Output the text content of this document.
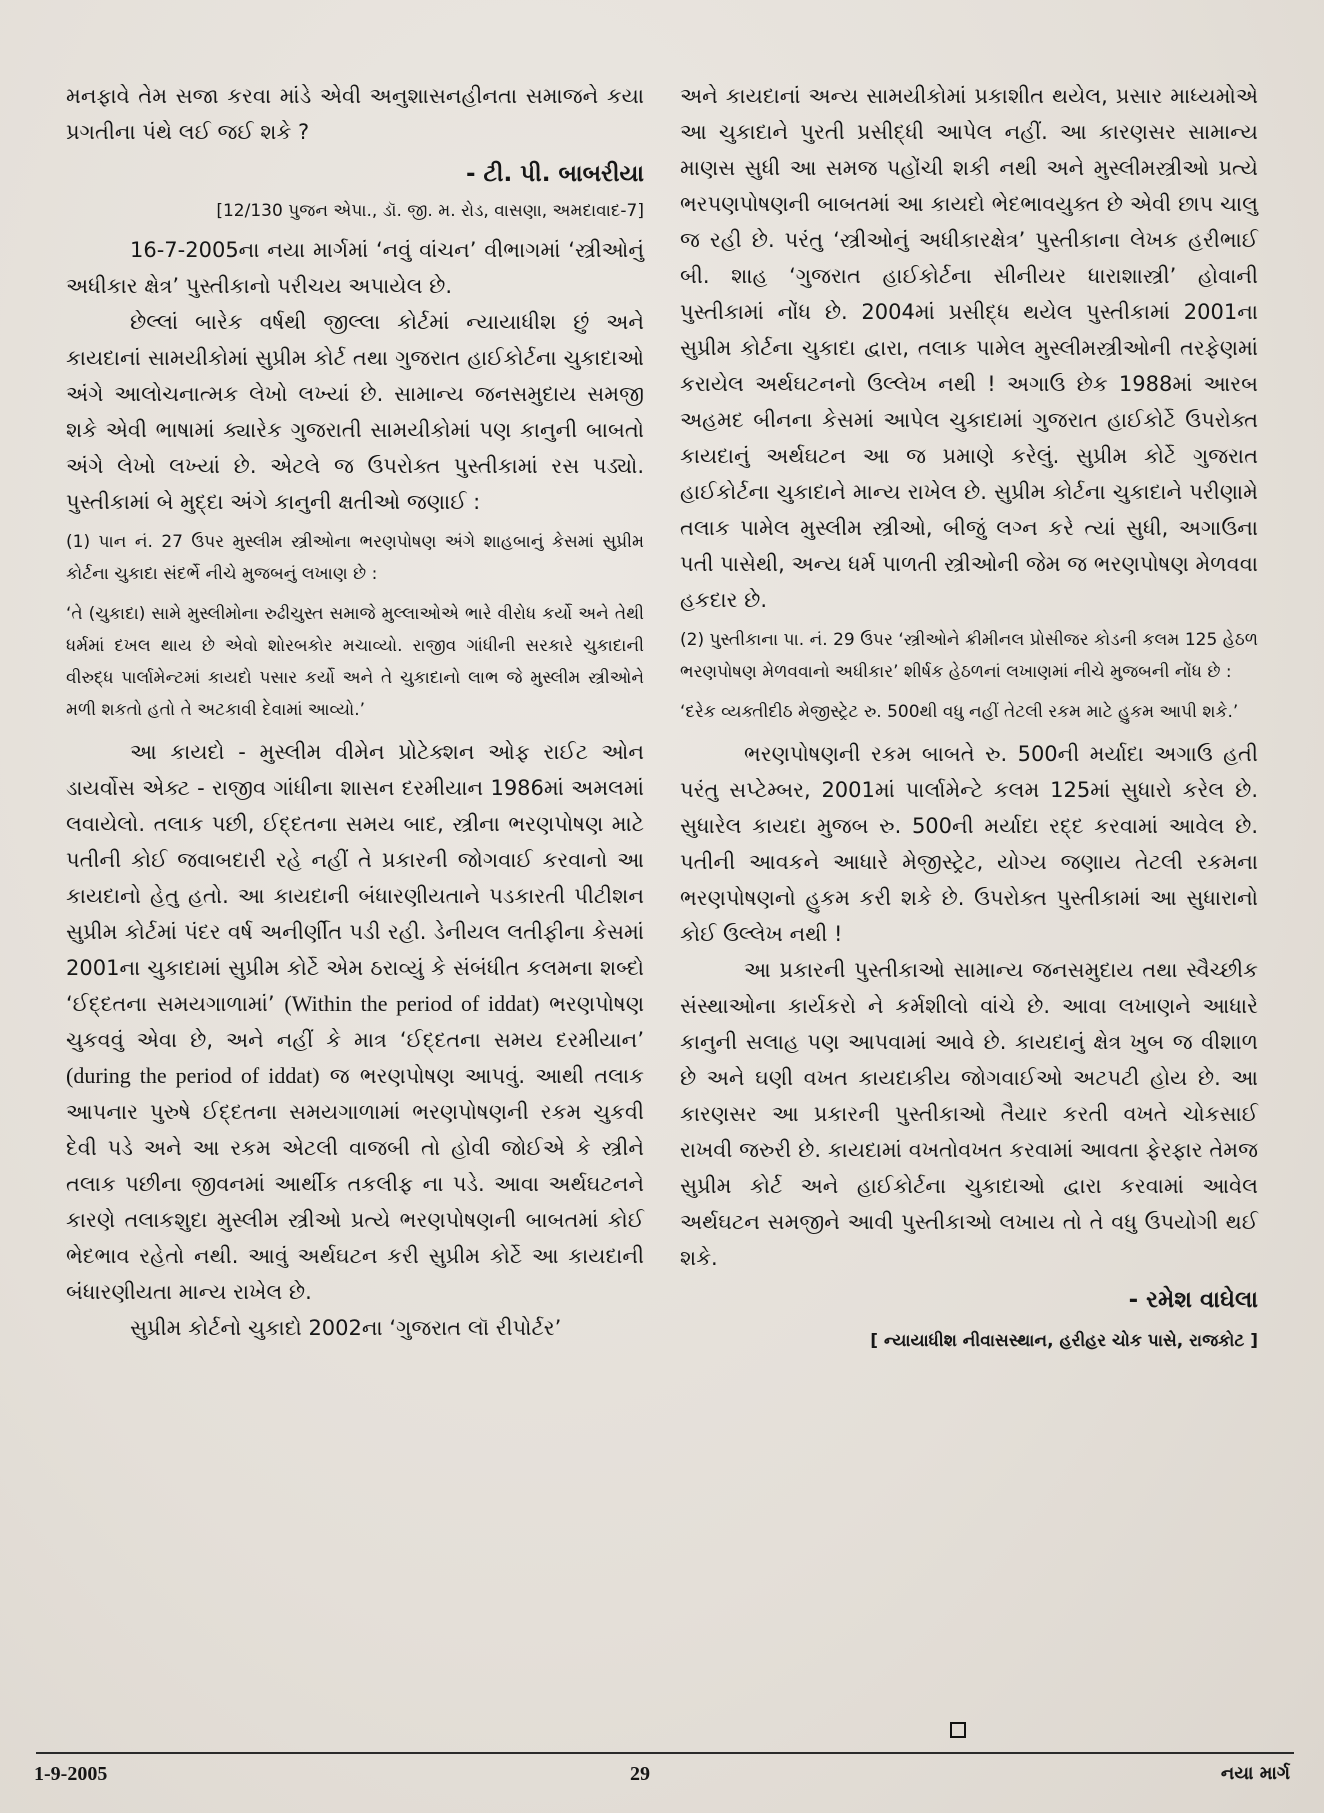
મનફાવે તેમ સજા કરવા માંડે એવી અનુશાસનહીનતા સમાજને કયા પ્રગતીના પંથે લઈ જઈ શકે ?

- ટી. પી. બાબરીયા

[12/130 પુજન એપા., ડૉ. જી. મ. રોડ, વાસણા, અમદાવાદ-7]

16-7-2005ના નયા માર્ગમાં ‘નવું વાંચન’ વીભાગમાં ‘સ્ત્રીઓનું અધીકાર ક્ષેત્ર’ પુસ્તીકાનો પરીચય અપાયેલ છે.

છેલ્લાં બારેક વર્ષથી જીલ્લા કોર્ટમાં ન્યાયાધીશ છું અને કાયદાનાં સામયીકોમાં સુપ્રીમ કોર્ટ તથા ગુજરાત હાઈકોર્ટના ચુકાદાઓ અંગે આલોચનાત્મક લેખો લખ્યાં છે. સામાન્ય જનસમુદાય સમજી શકે એવી ભાષામાં ક્યારેક ગુજરાતી સામયીકોમાં પણ કાનુની બાબતો અંગે લેખો લખ્યાં છે. એટલે જ ઉપરોક્ત પુસ્તીકામાં રસ પડ્યો. પુસ્તીકામાં બે મુદ્દા અંગે કાનુની ક્ષતીઓ જણાઈ :

(1) પાન નં. 27 ઉપર મુસ્લીમ સ્ત્રીઓના ભરણપોષણ અંગે શાહબાનું કેસમાં સુપ્રીમ કોર્ટના ચુકાદા સંદર્ભે નીચે મુજબનું લખાણ છે :

‘તે (ચુકાદા) સામે મુસ્લીમોના રુઢીચુસ્ત સમાજે મુલ્લાઓએ ભારે વીરોધ કર્યો અને તેથી ધર્મમાં દખલ થાય છે એવો શોરબકોર મચાવ્યો. રાજીવ ગાંધીની સરકારે ચુકાદાની વીરુદ્ધ પાર્લામેન્ટમાં કાયદો પસાર કર્યો અને તે ચુકાદાનો લાભ જે મુસ્લીમ સ્ત્રીઓને મળી શકતો હતો તે અટકાવી દેવામાં આવ્યો.’

આ કાયદો - મુસ્લીમ વીમેન પ્રોટેક્શન ઓફ રાઈટ ઓન ડાયર્વોસ એક્ટ - રાજીવ ગાંધીના શાસન દરમીયાન 1986માં અમલમાં લવાયેલો. તલાક પછી, ઈદ્દતના સમય બાદ, સ્ત્રીના ભરણપોષણ માટે પતીની કોઈ જવાબદારી રહે નહીં તે પ્રકારની જોગવાઈ કરવાનો આ કાયદાનો હેતુ હતો. આ કાયદાની બંધારણીયતાને પડકારતી પીટીશન સુપ્રીમ કોર્ટમાં પંદર વર્ષ અનીર્ણીત પડી રહી. ડેનીયલ લતીફીના કેસમાં 2001ના ચુકાદામાં સુપ્રીમ કોર્ટે એમ ઠરાવ્યું કે સંબંધીત કલમના શબ્દો ‘ઈદ્દતના સમયગાળામાં’ (Within the period of iddat) ભરણપોષણ ચુકવવું એવા છે, અને નહીં કે માત્ર ‘ઈદ્દતના સમય દરમીયાન’ (during the period of iddat) જ ભરણપોષણ આપવું. આથી તલાક આપનાર પુરુષે ઈદ્દતના સમયગાળામાં ભરણપોષણની રકમ ચુકવી દેવી પડે અને આ રકમ એટલી વાજબી તો હોવી જોઈએ કે સ્ત્રીને તલાક પછીના જીવનમાં આર્થીક તકલીફ ના પડે. આવા અર્થઘટનને કારણે તલાકશુદા મુસ્લીમ સ્ત્રીઓ પ્રત્યે ભરણપોષણની બાબતમાં કોઈ ભેદભાવ રહેતો નથી. આવું અર્થઘટન કરી સુપ્રીમ કોર્ટે આ કાયદાની બંધારણીયતા માન્ય રાખેલ છે.

સુપ્રીમ કોર્ટનો ચુકાદો 2002ના ‘ગુજરાત લૉ રીપોર્ટર’

અને કાયદાનાં અન્ય સામયીકોમાં પ્રકાશીત થયેલ, પ્રસાર માધ્યમોએ આ ચુકાદાને પુરતી પ્રસીદ્ધી આપેલ નહીં. આ કારણસર સામાન્ય માણસ સુધી આ સમજ પહોંચી શકી નથી અને મુસ્લીમસ્ત્રીઓ પ્રત્યે ભરપણપોષણની બાબતમાં આ કાયદો ભેદભાવયુક્ત છે એવી છાપ ચાલુ જ રહી છે. પરંતુ ‘સ્ત્રીઓનું અધીકારક્ષેત્ર’ પુસ્તીકાના લેખક હરીભાઈ બી. શાહ ‘ગુજરાત હાઈકોર્ટના સીનીયર ધારાશાસ્ત્રી’ હોવાની પુસ્તીકામાં નોંધ છે. 2004માં પ્રસીદ્ધ થયેલ પુસ્તીકામાં 2001ના સુપ્રીમ કોર્ટના ચુકાદા દ્વારા, તલાક પામેલ મુસ્લીમસ્ત્રીઓની તરફેણમાં કરાયેલ અર્થઘટનનો ઉલ્લેખ નથી ! અગાઉ છેક 1988માં આરબ અહમદ બીનના કેસમાં આપેલ ચુકાદામાં ગુજરાત હાઈકોર્ટે ઉપરોક્ત કાયદાનું અર્થઘટન આ જ પ્રમાણે કરેલું. સુપ્રીમ કોર્ટે ગુજરાત હાઈકોર્ટના ચુકાદાને માન્ય રાખેલ છે. સુપ્રીમ કોર્ટના ચુકાદાને પરીણામે તલાક પામેલ મુસ્લીમ સ્ત્રીઓ, બીજું લગ્ન કરે ત્યાં સુધી, અગાઉના પતી પાસેથી, અન્ય ધર્મ પાળતી સ્ત્રીઓની જેમ જ ભરણપોષણ મેળવવા હકદાર છે.

(2) પુસ્તીકાના પા. નં. 29 ઉપર ‘સ્ત્રીઓને ક્રીમીનલ પ્રોસીજર કોડની કલમ 125 હેઠળ ભરણપોષણ મેળવવાનો અધીકાર’ શીર્ષક હેઠળનાં લખાણમાં નીચે મુજબની નોંધ છે :

‘દરેક વ્યક્તીદીઠ મેજીસ્ટ્રેટ રુ. 500થી વધુ નહીં તેટલી રકમ માટે હુકમ આપી શકે.’

ભરણપોષણની રકમ બાબતે રુ. 500ની મર્યાદા અગાઉ હતી પરંતુ સપ્ટેમ્બર, 2001માં પાર્લામેન્ટે કલમ 125માં સુધારો કરેલ છે. સુધારેલ કાયદા મુજબ રુ. 500ની મર્યાદા રદ્દ કરવામાં આવેલ છે. પતીની આવકને આધારે મેજીસ્ટ્રેટ, યોગ્ય જણાય તેટલી રકમના ભરણપોષણનો હુકમ કરી શકે છે. ઉપરોક્ત પુસ્તીકામાં આ સુધારાનો કોઈ ઉલ્લેખ નથી !

આ પ્રકારની પુસ્તીકાઓ સામાન્ય જનસમુદાય તથા સ્વૈચ્છીક સંસ્થાઓના કાર્યકરો ને કર્મશીલો વાંચે છે. આવા લખાણને આધારે કાનુની સલાહ પણ આપવામાં આવે છે. કાયદાનું ક્ષેત્ર ખુબ જ વીશાળ છે અને ઘણી વખત કાયદાકીય જોગવાઈઓ અટપટી હોય છે. આ કારણસર આ પ્રકારની પુસ્તીકાઓ તૈયાર કરતી વખતે ચોકસાઈ રાખવી જરુરી છે. કાયદામાં વખતોવખત કરવામાં આવતા ફેરફાર તેમજ સુપ્રીમ કોર્ટ અને હાઈકોર્ટના ચુકાદાઓ દ્વારા કરવામાં આવેલ અર્થઘટન સમજીને આવી પુસ્તીકાઓ લખાય તો તે વધુ ઉપયોગી થઈ શકે.

- રમેશ વાઘેલા

[ ન્યાયાધીશ નીવાસસ્થાન, હરીહર ચોક પાસે, રાજકોટ ]

1-9-2005	29	નયા માર્ગ
